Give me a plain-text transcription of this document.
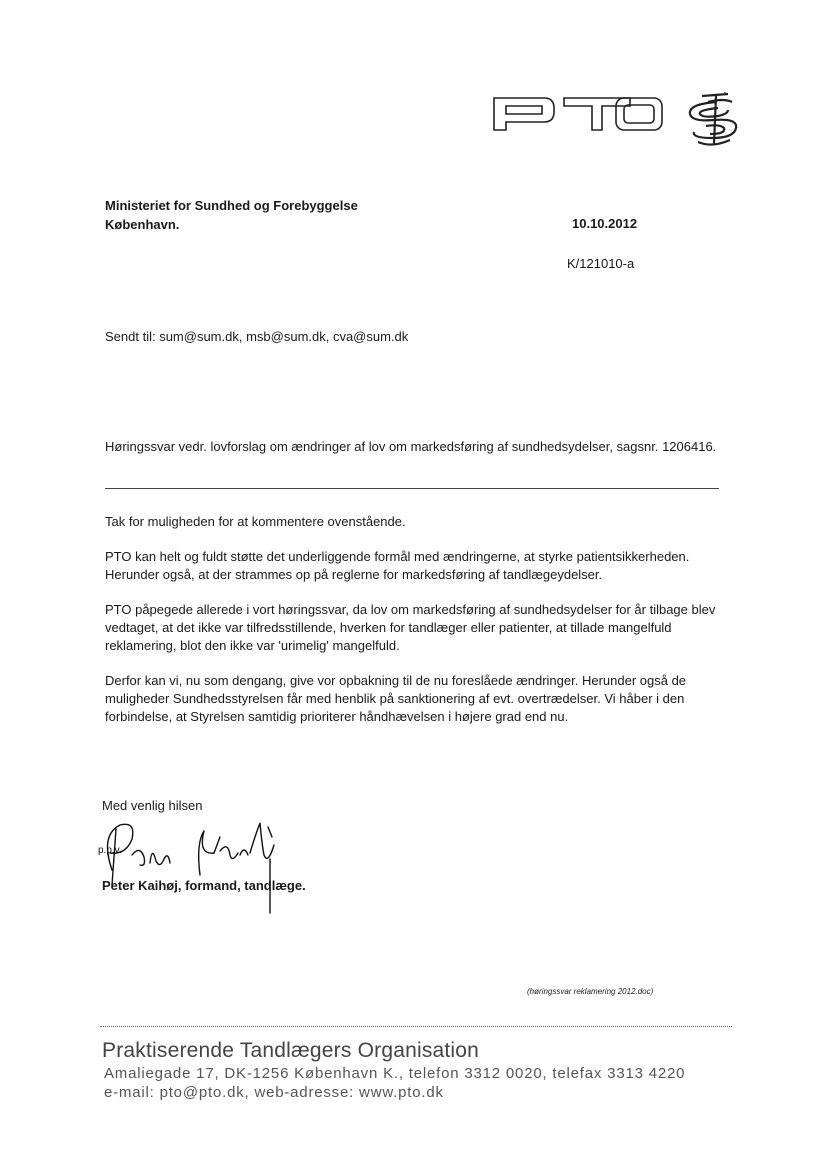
Ministeriet for Sundhed og Forebyggelse
København.	10.10.2012
K/121010-a
Sendt til: sum@sum.dk, msb@sum.dk, cva@sum.dk
Høringssvar vedr. lovforslag om ændringer af lov om markedsføring af sundhedsydelser, sagsnr. 1206416.

Tak for muligheden for at kommentere ovenstående.

PTO kan helt og fuldt støtte det underliggende formål med ændringerne, at styrke patientsikkerheden. Herunder også, at der strammes op på reglerne for markedsføring af tandlægeydelser.

PTO påpegede allerede i vort høringssvar, da lov om markedsføring af sundhedsydelser for år tilbage blev vedtaget, at det ikke var tilfredsstillende, hverken for tandlæger eller patienter, at tillade mangelfuld reklamering, blot den ikke var 'urimelig' mangelfuld.

Derfor kan vi, nu som dengang, give vor opbakning til de nu foreslåede ændringer. Herunder også de muligheder Sundhedsstyrelsen får med henblik på sanktionering af evt. overtrædelser. Vi håber i den forbindelse, at Styrelsen samtidig prioriterer håndhævelsen i højere grad end nu.

Med venlig hilsen
p.p.v.
Peter Kaihøj, formand, tandlæge.
(høringssvar reklamering 2012.doc)
Praktiserende Tandlægers Organisation
Amaliegade 17, DK-1256 København K., telefon 3312 0020, telefax 3313 4220
e-mail: pto@pto.dk, web-adresse: www.pto.dk
